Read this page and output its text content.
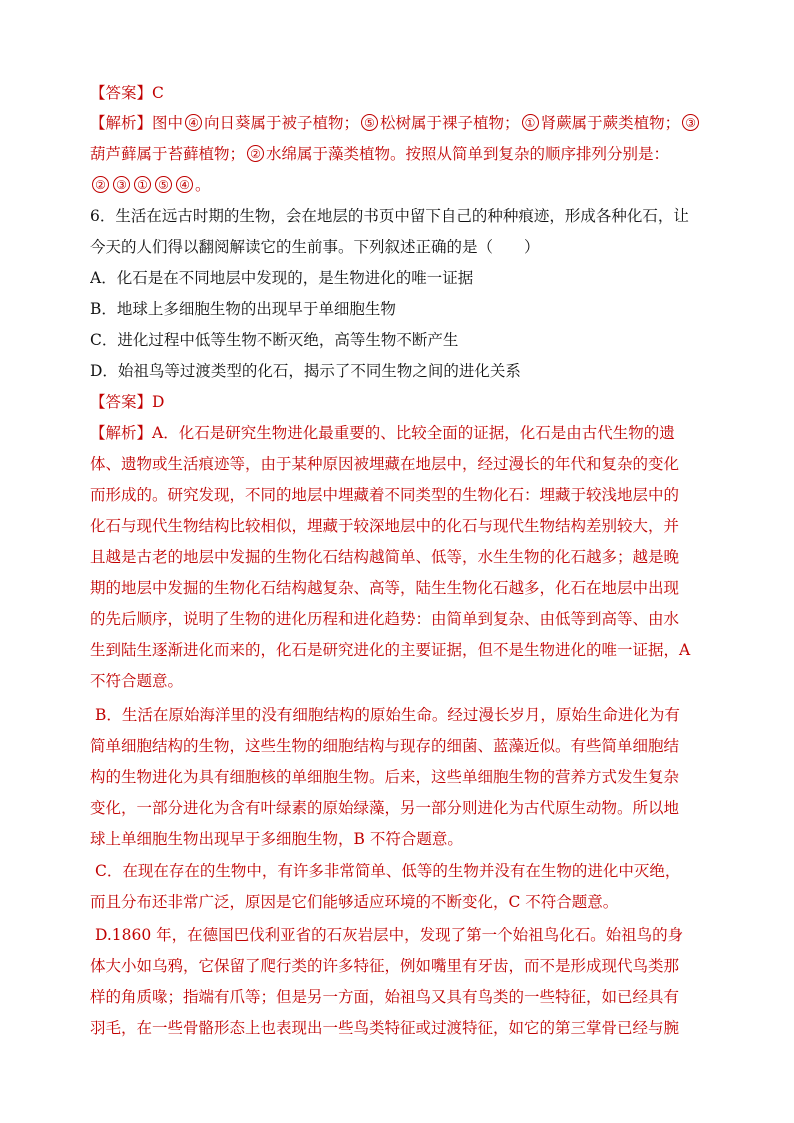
【答案】C
【解析】图中 ④ 向日葵属于被子植物； ⑤ 松树属于裸子植物； ① 肾蕨属于蕨类植物； ③
葫芦藓属于苔藓植物； ② 水绵属于藻类植物。按照从简单到复杂的顺序排列分别是：
② ③ ① ⑤ ④ 。
6．生活在远古时期的生物，会在地层的书页中留下自己的种种痕迹，形成各种化石，让
今天的人们得以翻阅解读它的生前事。下列叙述正确的是（　　）
A．化石是在不同地层中发现的，是生物进化的唯一证据
B．地球上多细胞生物的出现早于单细胞生物
C．进化过程中低等生物不断灭绝，高等生物不断产生
D．始祖鸟等过渡类型的化石，揭示了不同生物之间的进化关系
【答案】D
【解析】A．化石是研究生物进化最重要的、比较全面的证据，化石是由古代生物的遗
体、遗物或生活痕迹等，由于某种原因被埋藏在地层中，经过漫长的年代和复杂的变化
而形成的。研究发现，不同的地层中埋藏着不同类型的生物化石：埋藏于较浅地层中的
化石与现代生物结构比较相似，埋藏于较深地层中的化石与现代生物结构差别较大，并
且越是古老的地层中发掘的生物化石结构越简单、低等，水生生物的化石越多；越是晚
期的地层中发掘的生物化石结构越复杂、高等，陆生生物化石越多，化石在地层中出现
的先后顺序，说明了生物的进化历程和进化趋势：由简单到复杂、由低等到高等、由水
生到陆生逐渐进化而来的，化石是研究进化的主要证据，但不是生物进化的唯一证据，A
不符合题意。
B．生活在原始海洋里的没有细胞结构的原始生命。经过漫长岁月，原始生命进化为有
简单细胞结构的生物，这些生物的细胞结构与现存的细菌、蓝藻近似。有些简单细胞结
构的生物进化为具有细胞核的单细胞生物。后来，这些单细胞生物的营养方式发生复杂
变化，一部分进化为含有叶绿素的原始绿藻，另一部分则进化为古代原生动物。所以地
球上单细胞生物出现早于多细胞生物，B 不符合题意。
C．在现在存在的生物中，有许多非常简单、低等的生物并没有在生物的进化中灭绝，
而且分布还非常广泛，原因是它们能够适应环境的不断变化，C 不符合题意。
D.1860 年，在德国巴伐利亚省的石灰岩层中，发现了第一个始祖鸟化石。始祖鸟的身
体大小如乌鸦，它保留了爬行类的许多特征，例如嘴里有牙齿，而不是形成现代鸟类那
样的角质喙；指端有爪等；但是另一方面，始祖鸟又具有鸟类的一些特征，如已经具有
羽毛，在一些骨骼形态上也表现出一些鸟类特征或过渡特征，如它的第三掌骨已经与腕
